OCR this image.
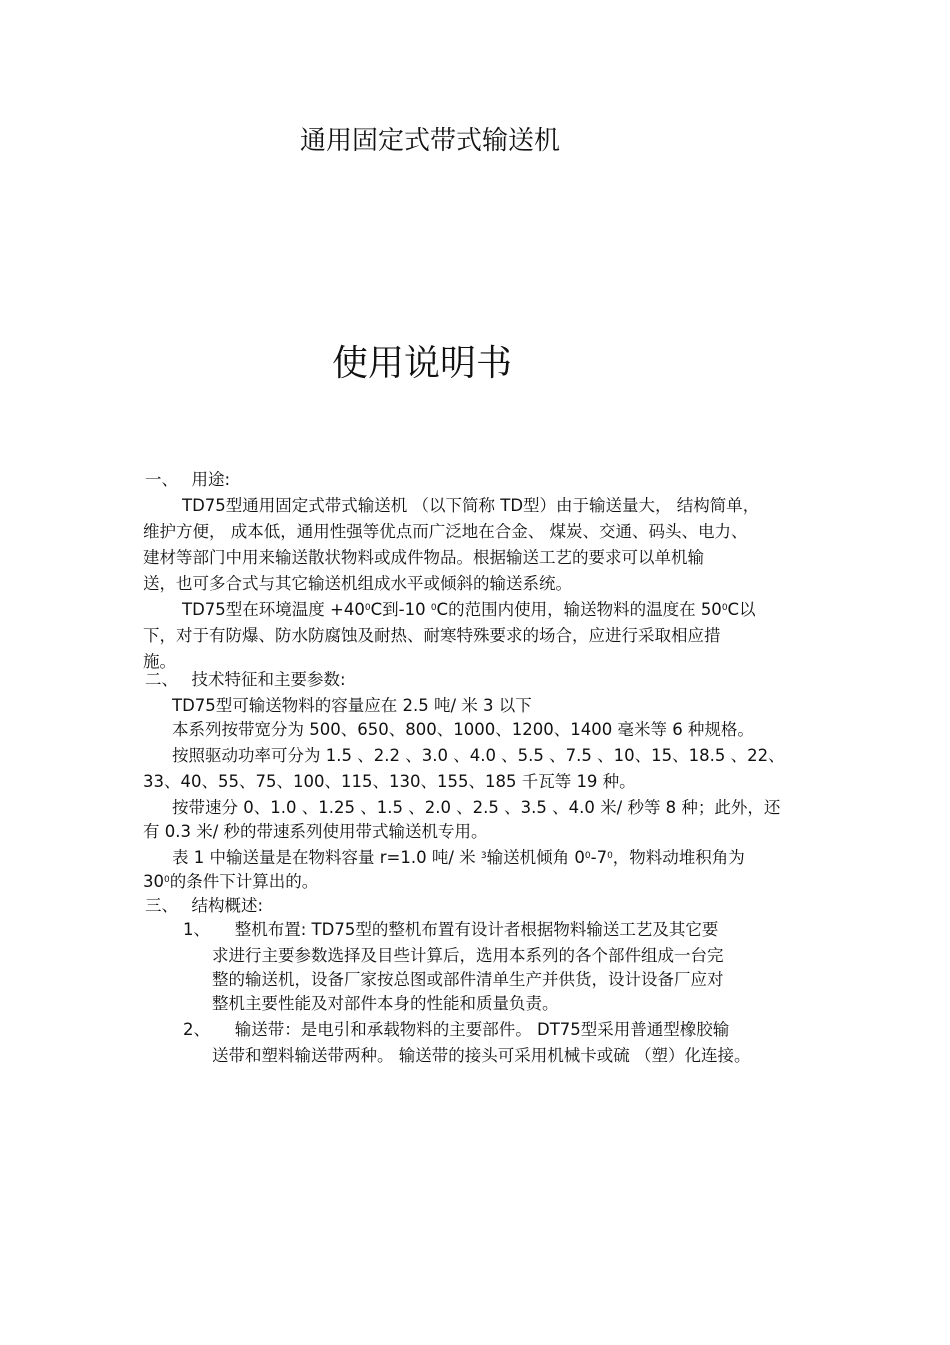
通用固定式带式输送机
使用说明书
一、　 用途:
TD75型通用固定式带式输送机 （以下简称 TD型）由于输送量大， 结构简单，
维护方便， 成本低，通用性强等优点而广泛地在合金、 煤炭、交通、码头、电力、
建材等部门中用来输送散状物料或成件物品。根据输送工艺的要求可以单机输
送，也可多合式与其它输送机组成水平或倾斜的输送系统。
TD75型在环境温度 $+40^0C$到-10 $^0$C的范围内使用，输送物料的温度在 $50^0C$以
下，对于有防爆、防水防腐蚀及耐热、耐寒特殊要求的场合，应进行采取相应措
施。
二、　 技术特征和主要参数:
TD75型可输送物料的容量应在 2.5 吨/ 米 3 以下
本系列按带宽分为 500、650、800、1000、1200、1400 毫米等 6 种规格。
按照驱动功率可分为 1.5 、2.2 、3.0 、4.0 、5.5 、7.5 、10、15、18.5 、22、
33、40、55、75、100、115、130、155、185 千瓦等 19 种。
按带速分 0、1.0 、1.25 、1.5 、2.0 、2.5 、3.5 、4.0 米/ 秒等 8 种；此外，还
有 0.3 米/ 秒的带速系列使用带式输送机专用。
表 1 中输送量是在物料容量 r=1.0 吨/ 米 $^3$输送机倾角 $0^0-7^0$，物料动堆积角为
$30^0$的条件下计算出的。
三、　 结构概述:
1、　　整机布置: TD75型的整机布置有设计者根据物料输送工艺及其它要
求进行主要参数选择及目些计算后，选用本系列的各个部件组成一台完
整的输送机，设备厂家按总图或部件清单生产并供货，设计设备厂应对
整机主要性能及对部件本身的性能和质量负责。
2、　　输送带：是电引和承载物料的主要部件。 DT75型采用普通型橡胶输
送带和塑料输送带两种。 输送带的接头可采用机械卡或硫 （塑）化连接。
